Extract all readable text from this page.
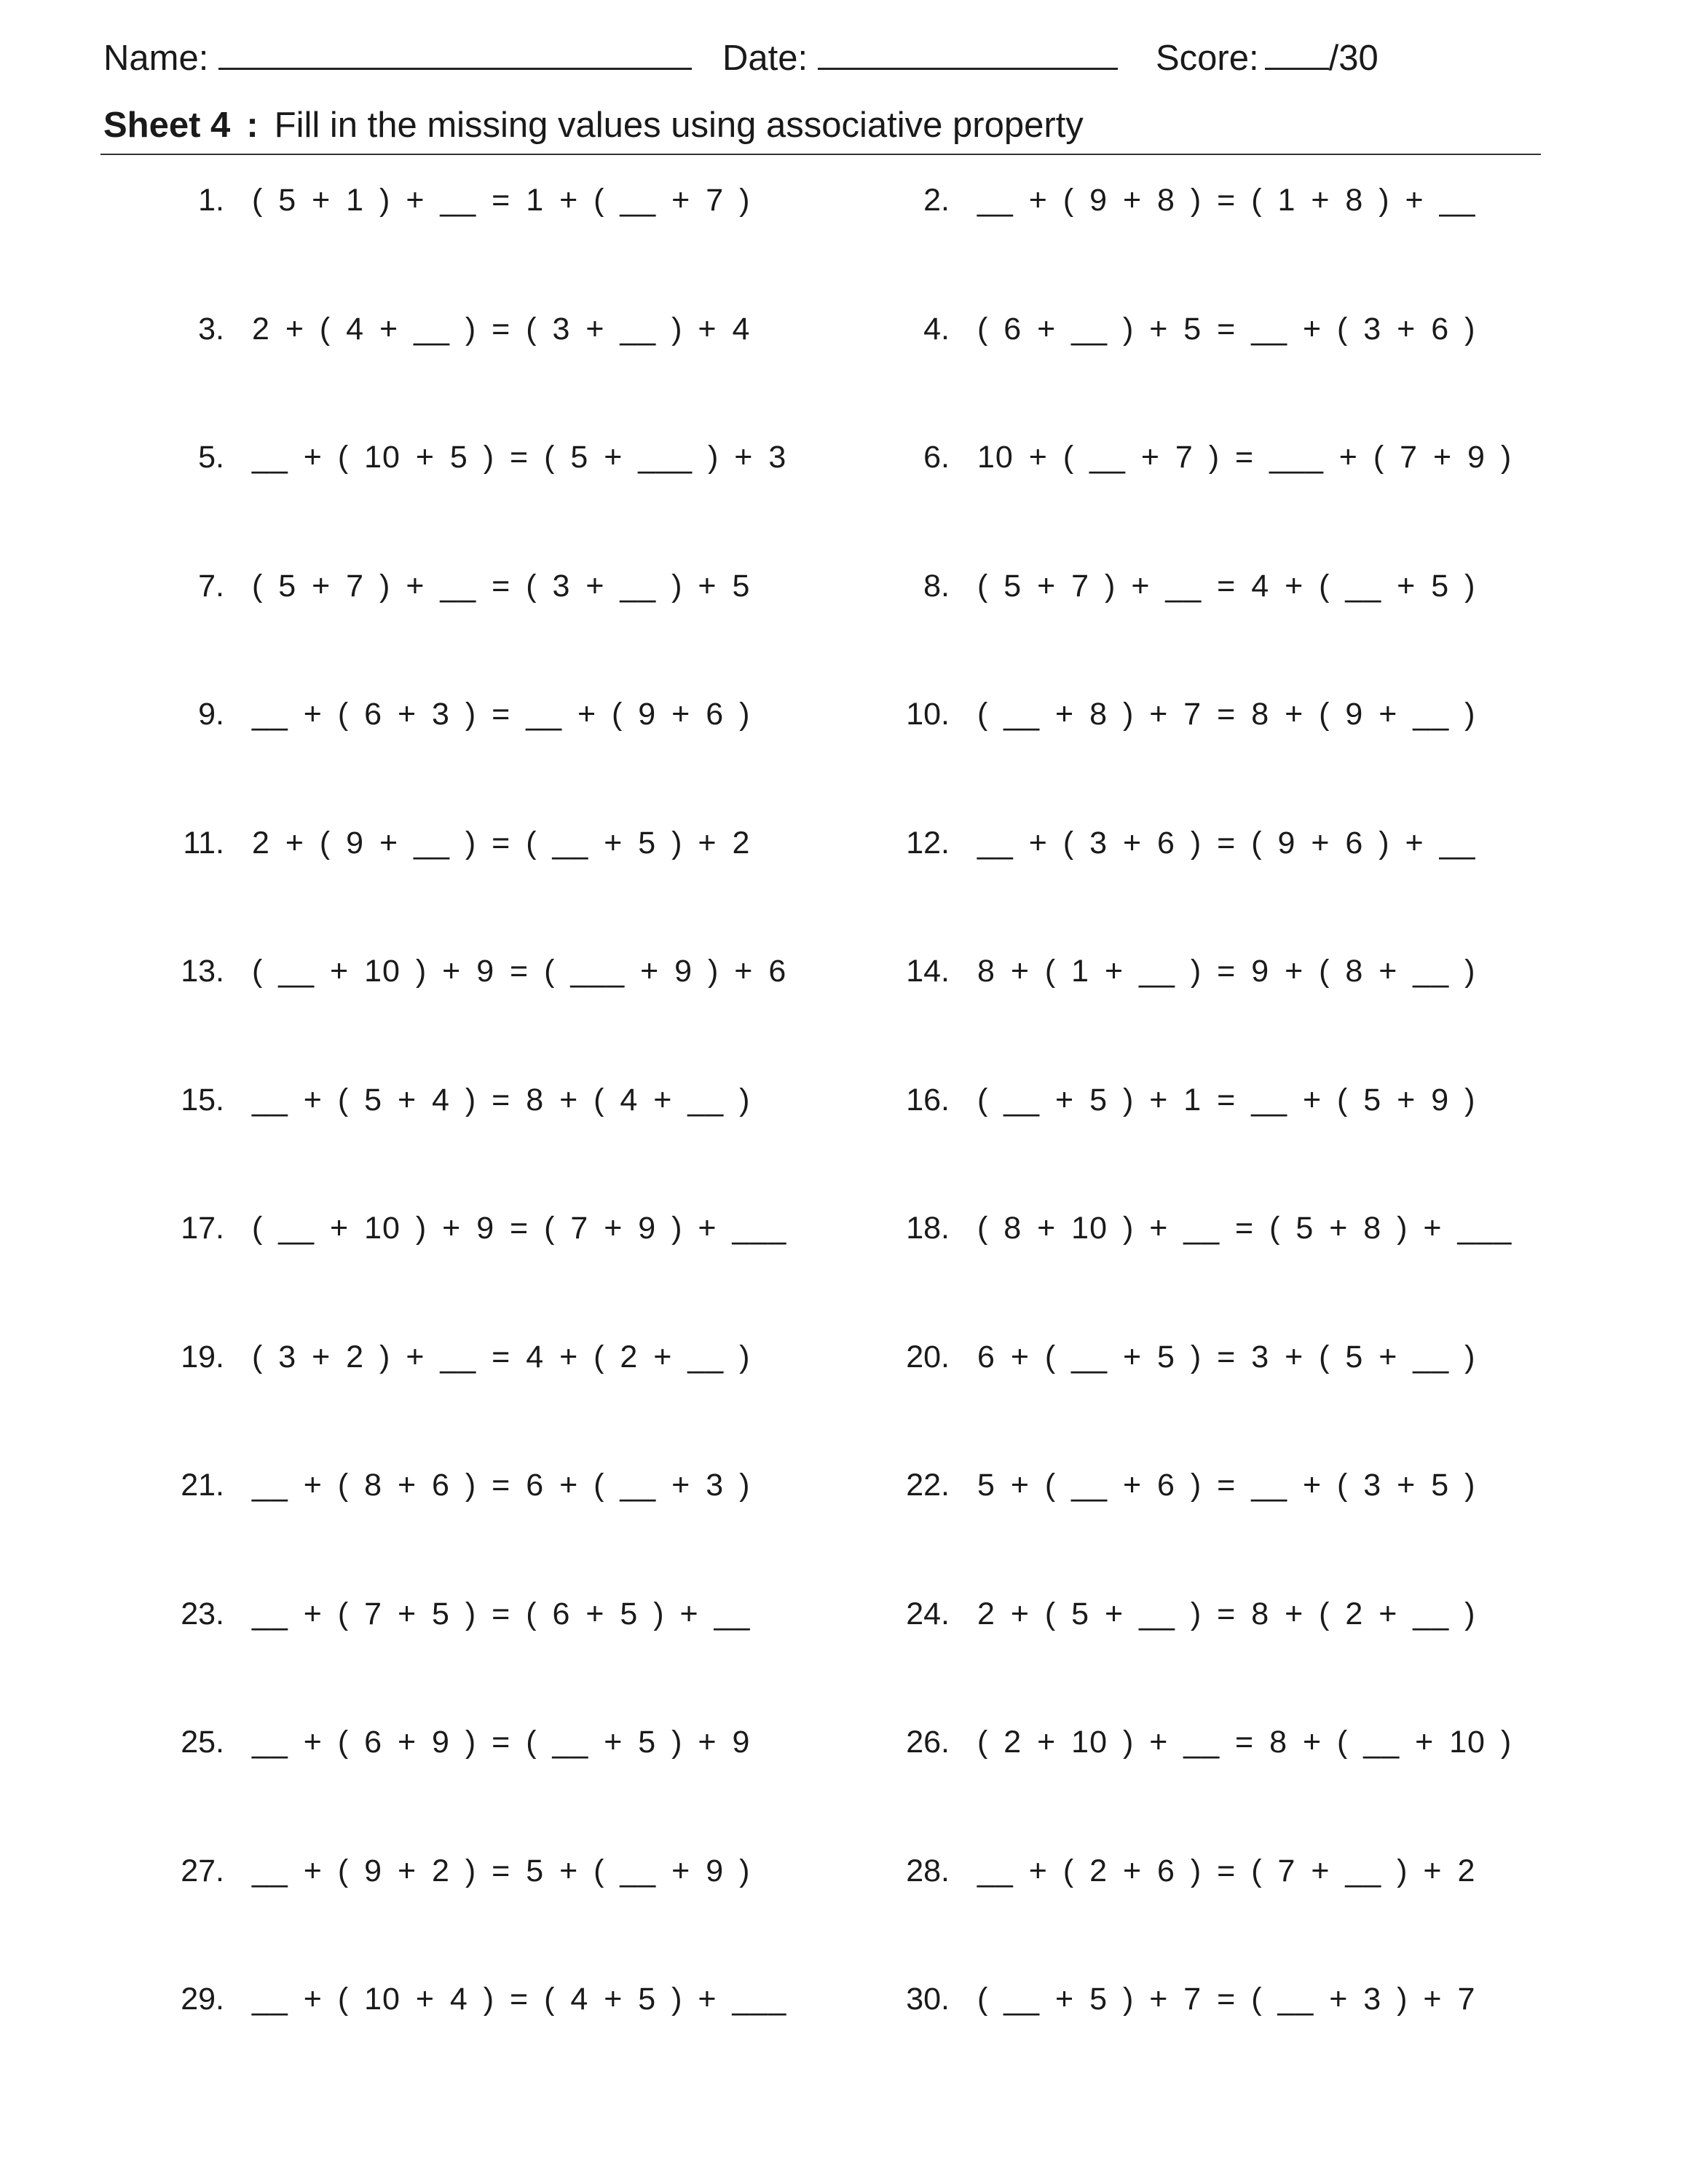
Name:	Date:	Score: /30
Sheet 4 : Fill in the missing values using associative property
1. ( 5 + 1 ) + __ = 1 + ( __ + 7 )	2. __ + ( 9 + 8 ) = ( 1 + 8 ) + __
3. 2 + ( 4 + __ ) = ( 3 + __ ) + 4	4. ( 6 + __ ) + 5 = __ + ( 3 + 6 )
5. __ + ( 10 + 5 ) = ( 5 + ___ ) + 3	6. 10 + ( __ + 7 ) = ___ + ( 7 + 9 )
7. ( 5 + 7 ) + __ = ( 3 + __ ) + 5	8. ( 5 + 7 ) + __ = 4 + ( __ + 5 )
9. __ + ( 6 + 3 ) = __ + ( 9 + 6 )	10. ( __ + 8 ) + 7 = 8 + ( 9 + __ )
11. 2 + ( 9 + __ ) = ( __ + 5 ) + 2	12. __ + ( 3 + 6 ) = ( 9 + 6 ) + __
13. ( __ + 10 ) + 9 = ( ___ + 9 ) + 6	14. 8 + ( 1 + __ ) = 9 + ( 8 + __ )
15. __ + ( 5 + 4 ) = 8 + ( 4 + __ )	16. ( __ + 5 ) + 1 = __ + ( 5 + 9 )
17. ( __ + 10 ) + 9 = ( 7 + 9 ) + ___	18. ( 8 + 10 ) + __ = ( 5 + 8 ) + ___
19. ( 3 + 2 ) + __ = 4 + ( 2 + __ )	20. 6 + ( __ + 5 ) = 3 + ( 5 + __ )
21. __ + ( 8 + 6 ) = 6 + ( __ + 3 )	22. 5 + ( __ + 6 ) = __ + ( 3 + 5 )
23. __ + ( 7 + 5 ) = ( 6 + 5 ) + __	24. 2 + ( 5 + __ ) = 8 + ( 2 + __ )
25. __ + ( 6 + 9 ) = ( __ + 5 ) + 9	26. ( 2 + 10 ) + __ = 8 + ( __ + 10 )
27. __ + ( 9 + 2 ) = 5 + ( __ + 9 )	28. __ + ( 2 + 6 ) = ( 7 + __ ) + 2
29. __ + ( 10 + 4 ) = ( 4 + 5 ) + ___	30. ( __ + 5 ) + 7 = ( __ + 3 ) + 7
